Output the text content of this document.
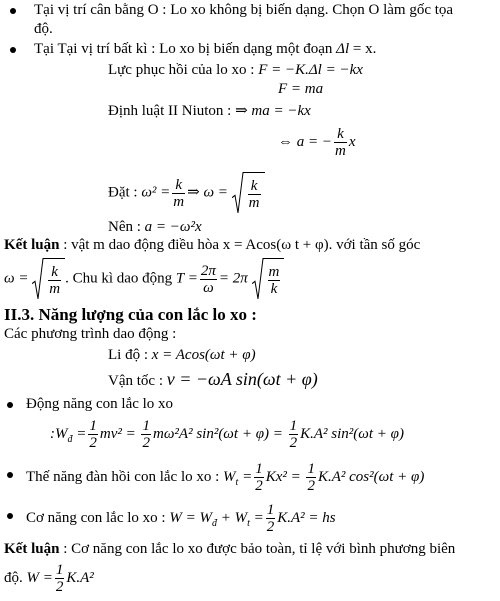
Tại vị trí cân bằng O : Lo xo không bị biến dạng. Chọn O làm gốc tọa
độ.
Tại Tại vị trí bất kì : Lo xo bị biến dạng một đoạn Δl = x.
Lực phục hồi của lo xo : F = −K.Δl = −kx
F = ma
Định luật II Niuton : ⇒ ma = −kx
⇔ a = − $\frac{k}{m}$ x
Đặt : $\omega^2 = \frac{k}{m}$ ⇒ $\omega = \frac{k}{m}$
Nên : a = −ω²x
Kết luận : vật m dao động điều hòa x = Acos(ω t + φ). với tần số góc
$\omega = \frac{k}{m}$ . Chu kì dao động $T = \frac{2\pi}{\omega} = 2\pi \frac{m}{k}$
II.3. Năng lượng của con lắc lo xo :
Các phương trình dao động :
Li độ : x = Acos(ωt + φ)
Vận tốc : v = −ωA sin(ωt + φ)
Động năng con lắc lo xo
$:W_đ = \frac{1}{2} mv^2 = \frac{1}{2} m\omega^2A^2$ $\sin^2(\omega t + \varphi) = \frac{1}{2} K.A^2$ sin²(ωt + φ)
Thế năng đàn hồi con lắc lo xo : $W_t = \frac{1}{2} Kx^2 = \frac{1}{2} K.A^2$ cos²(ωt + φ)
Cơ năng con lắc lo xo : $W = W_đ + W_t = \frac{1}{2} K.A^2$ = hs
Kết luận : Cơ năng con lắc lo xo được bảo toàn, tỉ lệ với bình phương biên
độ. $W = \frac{1}{2} K.A^2$
